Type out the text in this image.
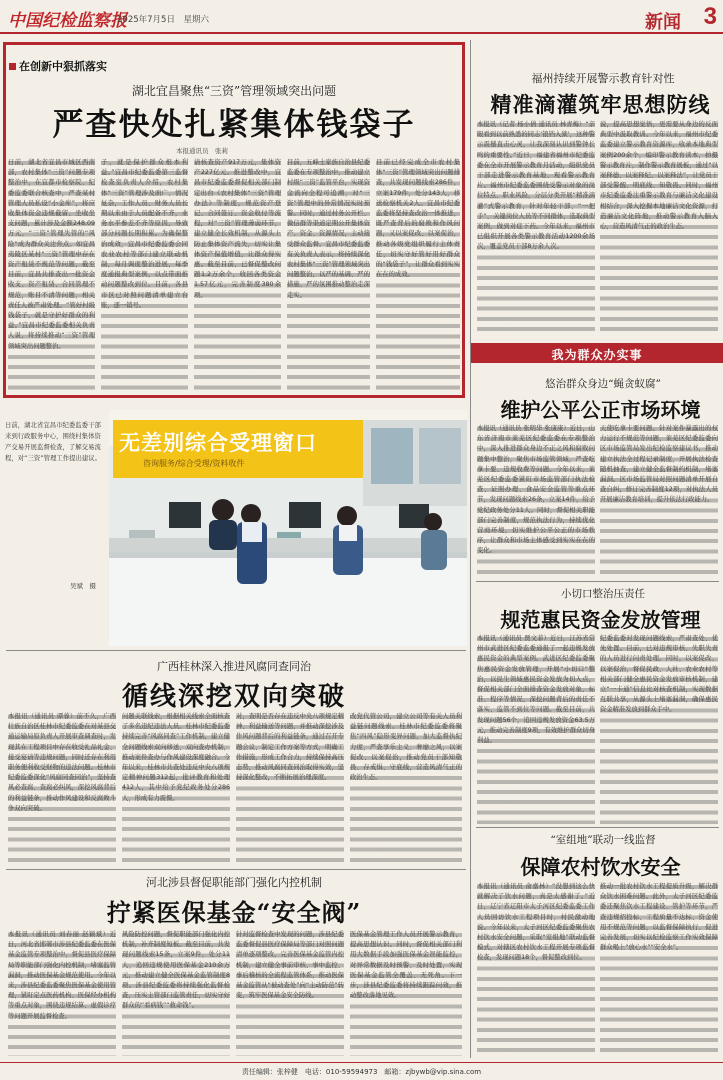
中国纪检监察报
2025年7月5日　星期六	新闻 3
在创新中狠抓落实
湖北宜昌聚焦“三资”管理领域突出问题
严查快处扎紧集体钱袋子
本报通讯员　张莉
日前，湖北省宜昌市城区西南部，农村集体“三资”问题专项整治中，在宜都市检察院、纪委监委联合核查中，严查某村管理人员私设“小金库”，将应收集体资金违规截留、坐收坐支问题，累计涉及金额248.09万元，“三资”管理失管的“风险”成为群众关注焦点。如宜昌夷陵区某村“三资”管理中存在资产租赁不规范等问题，截至目前，宜昌共排查出一批资金收支、资产租赁、合同管理不规范，账目不清等问题，相关责任人被严肃处理。“管好村级钱袋子，就是守护好群众的利益。”宜昌市纪委监委相关负责人说，将持续推动“三资”管理领域突出问题整治。
子，就是保护群众根本利益。”宜昌市纪委监委第三监督检查室负责人介绍，农村集体“三资”管理涉及面广、情况复杂，工作人员、财务人员长期以来由于人员配备不齐，业务水平参差不齐等原因，导致部分问题长期积累。为确保整治成效，宜昌市纪委监委会同农业农村等部门建立联动机制，每月调度整治进展，每季度通报典型案例，以点带面推动问题整改到位。目前，各县市区已对照问题清单建立台账，逐一销号。
请核查资产917万元，集体资产227亿元。推进整改中，宜昌市纪委监委督促相关部门制定出台《农村集体“三资”管理办法》等制度，规范资产登记、合同签订、资金收付等流程，对“三资”管理薄弱环节，建立健全长效机制，从源头上防止集体资产流失，切实让集体资产保值增值，让群众得实惠。截至目前，已督促整改问题1.2万余个，收回各类资金1.57亿元，完善制度380余项。
目前，五峰土家族自治县纪委监委在专项整治中，推动建立村级“三资”监管平台，实现资金流向全程可追溯，对“三资”管理中的异常情况实时预警。同时，通过村务公开栏、微信群等渠道定期公开集体资产、资金、资源情况，主动接受群众监督。宜昌市纪委监委有关负责人表示，将持续深化农村集体“三资”管理领域突出问题整治，以严的基调、严的措施、严的氛围推动整治走深走实。
目前已经完成全市农村集体“三资”管理领域突出问题排查，共发现问题线索286件，立案179件，处分143人，移送检察机关2人。宜昌市纪委监委将坚持查改治一体推进，既严查背后的腐败和作风问题，又以案促改、以案促治，推动各级党组织履行主体责任，切实守好管好用好群众的“钱袋子”，让群众看到实实在在的成效。
福州持续开展警示教育针对性
精准滴灌筑牢思想防线
本报讯（记者 杨小倩 通讯员 林青梅）“亲眼看到以前熟悉的同志‘锒铛入狱’，这种警示震撼直击心灵，让我深刻认识到警钟长鸣的重要性。”近日，福建省福州市纪委监委在全市开展警示教育月活动，组织党员干部走进警示教育基地、观看警示教育片。福州市纪委监委围绕受警示对象的岗位特点、职业风险，分层分类开展“精准滴灌”式警示教育，针对年轻干部、“一把手”、关键岗位人员等不同群体，选取典型案例，做到对症下药。今年以来，福州市已组织开展各类警示教育活动1200余场次，覆盖党员干部8万余人次。
说，提高思想觉悟，更需要从身边的反面典型中汲取教训。今年以来，福州市纪委监委建立警示教育资源库，收录本地典型案例200余个，编印警示教育读本，拍摄警示教育片，制作警示教育展板，通过“以案释德、以案释纪、以案释法”，让党员干部受警醒、明底线、知敬畏。同时，福州市纪委监委注重警示教育与廉洁文化建设相结合，深入挖掘本地廉洁文化资源，打造廉洁文化阵地，推动警示教育入脑入心，营造风清气正的政治生态。
我为群众办实事
悠治群众身边“蝇贪蚁腐”
维护公平公正市场环境
本报讯（通讯员 张明华 张康康）近日，山东省济南市莱芜区纪委监委在专项整治中，深入推进群众身边不正之风和腐败问题集中整治，聚焦市场监管领域，严查吃拿卡要、违规收费等问题。今年以来，莱芜区纪委监委紧盯市场监管部门执法检查、证照办理、食品安全监管等重点环节，发现问题线索26条，立案14件，给予党纪政务处分11人。同时，督促相关职能部门完善制度，规范执法行为，持续优化营商环境，切实维护公平公正的市场秩序，让群众和市场主体感受到实实在在的变化。
天使吃拿卡要问题。针对案件暴露出的权力运行不规范等问题，莱芜区纪委监委向区市场监管局发出纪检监察建议书，推动建立执法全过程记录制度，开展执法检查随机抽查，建立健全监督制约机制，堵塞漏洞。区市场监管局对照问题清单开展自查自纠，修订完善制度12项，对执法人员开展廉洁教育培训，提升依法行政能力。
小切口整治压责任
规范惠民资金发放管理
本报讯（通讯员 贾文菲）近日，江苏省常州市武进区纪委监委通报了一起违规发放惠民资金的典型案例。武进区纪委监委聚焦惠民资金发放管理，开展“小切口”整治，以民生领域惠民资金发放为切入点，督促相关部门全面排查资金发放对象、标准、程序等情况，深挖问题背后的责任不落实、监管不到位等问题。截至目前，共发现问题56个，追回违规发放资金63.5万元，推动完善制度9项，有效维护群众切身利益。
纪委监委对发现问题线索，严肃查处、优先处置。目前，已对违规审核、失职失责的人员进行问责处理。同时，以案促改、以案促治，督促民政、人社、农业农村等相关部门健全惠民资金发放审核机制，建立“一卡通”信息比对核查机制，实现数据互联共享，从源头上堵塞漏洞，确保惠民资金精准发放到群众手中。
“室组地”联动一线监督
保障农村饮水安全
本报讯（通讯员 俞嘉林）“没想到这么快就解决了饮水问题，真是太感谢了。”近日，辽宁省辽阳市太子河区纪委监委工作人员回访饮水工程项目时，村民激动地说。今年以来，太子河区纪委监委聚焦农村饮水安全问题，采取“室组地”联动监督模式，对辖区农村饮水工程开展专项监督检查，发现问题18个，督促整改到位。
推动一批农村饮水工程提质升级，解决群众饮水困难问题。此外，太子河区纪委监委还聚焦饮水工程建设、管护等环节，严查违规招投标、工程质量不达标、资金使用不规范等问题，以监督保障执行、促进完善发展，切实以纪检监察工作实效保障群众喝上“放心水”“安全水”。
日前，湖北省宜昌市纪委监委干部来到行政服务中心，围绕村集体资产交易开展监督检查，了解交易流程，对“三资”管理工作提出建议。
吴斌　摄
无差别综合受理窗口
咨询服务/综合受理/资料收件
广西桂林深入推进风腐同查同治
循线深挖双向突破
本报讯（通讯员 谭蓉）前不久，广西壮族自治区桂林市纪委监委在对某县交通运输局原负责人开展审查调查时，发现其在工程项目中存在收受礼品礼金、接受宴请等违规问题，同时还存在利用职务便利收受财物的违法问题。桂林市纪委监委深化“风腐同查同治”，坚持查风必查腐、查腐必纠风，深挖风腐背后的利益链条，推动作风建设和反腐败斗争双向突破。
问题关联线索，根据相关线索全面核查了多名违纪违法人员。桂林市纪委监委持续完善“风腐同查”工作机制，建立健全问题线索双向移送、双向查办机制，推动案件查办与作风建设深度融合。今年以来，桂林市共查处违反中央八项规定精神问题312起，批评教育和处理412人，其中给予党纪政务处分286人，形成有力震慑。
对，查明是否存在违反中央八项规定精神、利益输送等问题，并推动深挖涉及作风问题背后的利益链条，通过召开专题会议、制定工作方案等方式，明确工作措施，形成工作合力，持续保持高压态势，推动风腐同查同治取得实效，坚持深化整改，不断拓展治理深度。
改党代管公司，建立公司等有关人员利益链问题线索。桂林市纪委监委将聚焦“四风”隐形变异问题，加大监督执纪力度，严查享乐主义、奢靡之风，以案促改、以案促治，推动党员干部知敬畏、存戒惧、守底线，营造风清气正的政治生态。
河北涉县督促职能部门强化内控机制
拧紧医保基金“安全阀”
本报讯（通讯员 刘春丽 赵颖斌）近日，河北省邯郸市涉县纪委监委在医保基金监管专项整治中，督促县医疗保障局等职能部门强化内控机制，堵塞监管漏洞，推动医保基金规范使用。今年以来，涉县纪委监委聚焦医保基金使用管理，紧盯定点医药机构、医保经办机构等重点对象，围绕违规结算、虚假诊疗等问题开展监督检查。
风险防控问题，督促职能部门强化内控机制，补齐制度短板。截至目前，共发现问题线索15条，立案9件，处分11人，追回违规使用医保基金210余万元，推动建立健全医保基金监管制度8项。涉县纪委监委将持续强化监督检查，压实主管部门监管责任，切实守好群众的“看病钱”“救命钱”。
针对监督检查中发现的问题，涉县纪委监委督促县医疗保障局等部门对照问题清单逐项整改，完善医保基金监管内控机制，建立健全事前审核、事中监控、事后稽核的全流程监管体系，推动医保基金监管从“被动查处”向“主动防范”转变，筑牢医保基金安全防线。
医保基金管理工作人员开展警示教育，提高思想认识。同时，督促相关部门利用大数据手段加强医保基金智能监控，对异常数据及时预警、及时处置，实现医保基金监管全覆盖、无死角。下一步，涉县纪委监委将持续跟踪问效，推动整改落地见效。
责任编辑：张梓健　电话：010-59594973　邮箱：zjbywb@vip.sina.com
